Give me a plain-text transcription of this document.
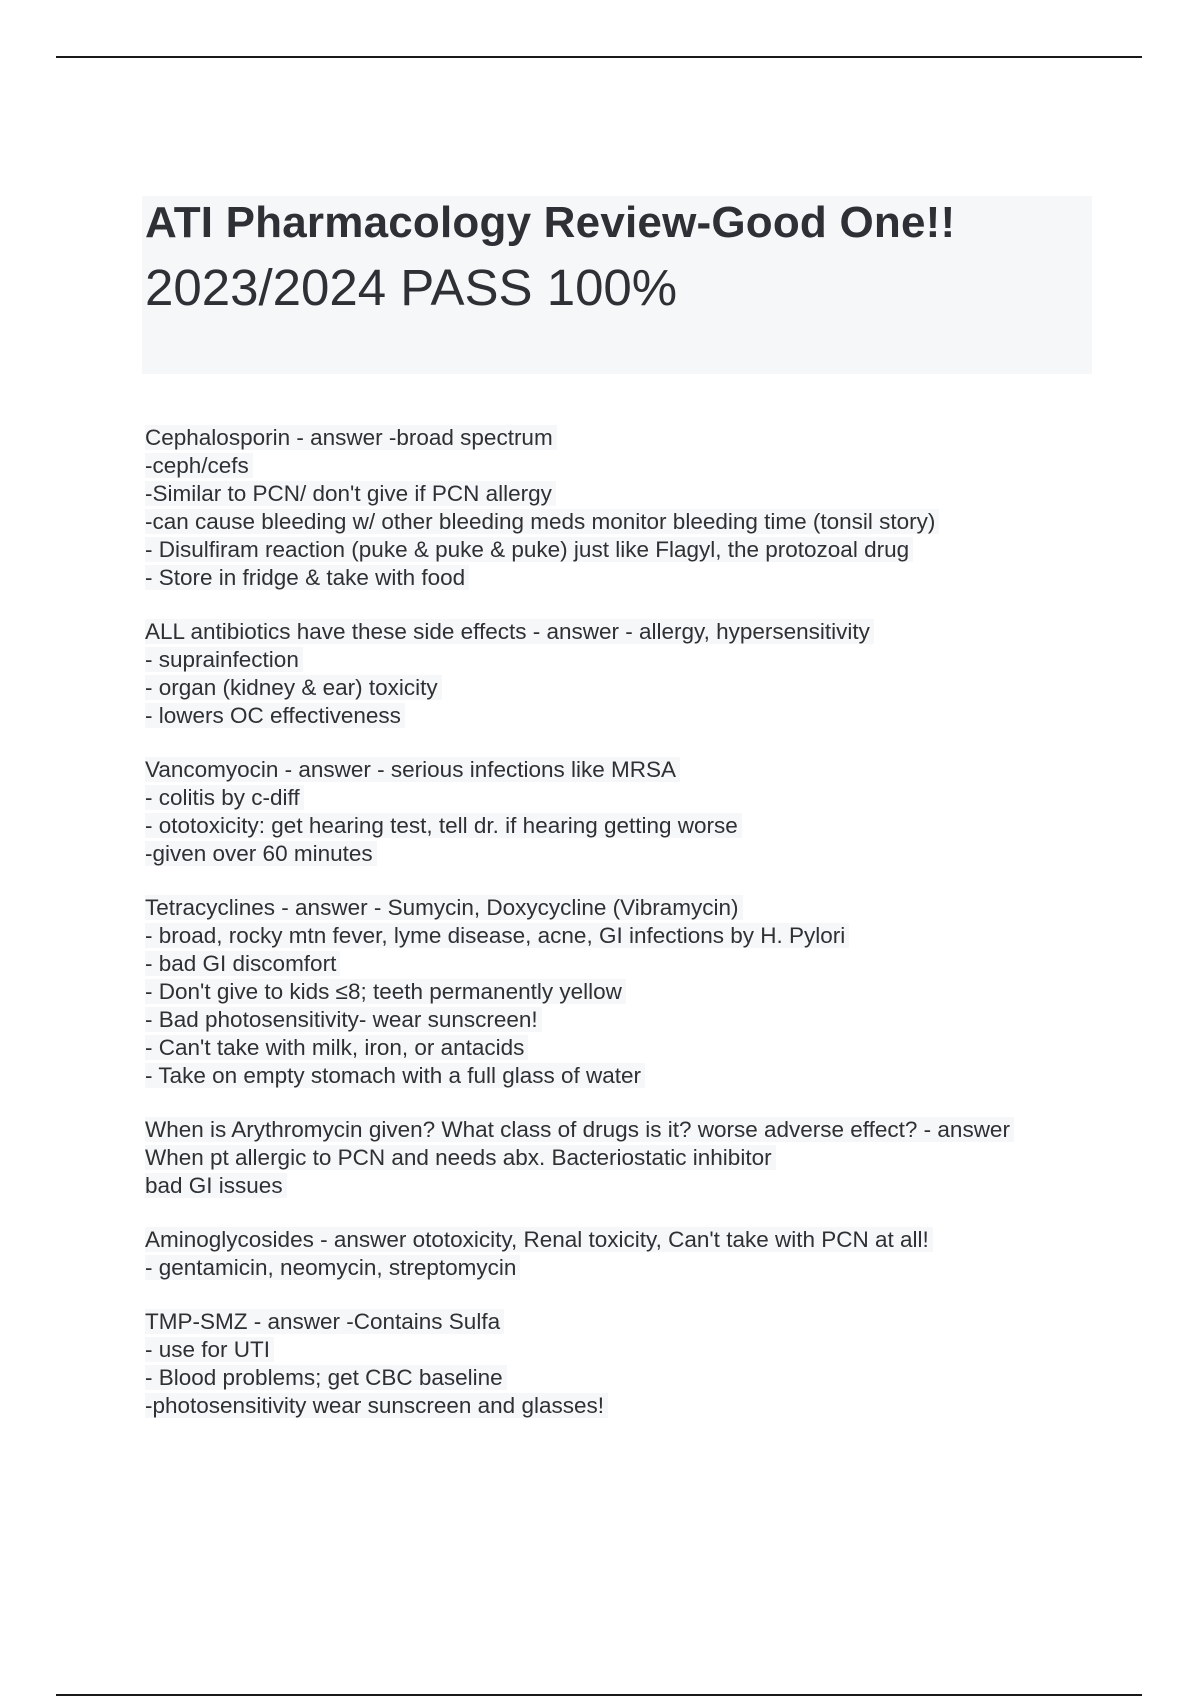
ATI Pharmacology Review-Good One!!
2023/2024 PASS 100%
Cephalosporin - answer -broad spectrum
-ceph/cefs
-Similar to PCN/ don't give if PCN allergy
-can cause bleeding w/ other bleeding meds monitor bleeding time (tonsil story)
- Disulfiram reaction (puke & puke & puke) just like Flagyl, the protozoal drug
- Store in fridge & take with food
ALL antibiotics have these side effects - answer - allergy, hypersensitivity
- suprainfection
- organ (kidney & ear) toxicity
- lowers OC effectiveness
Vancomyocin - answer - serious infections like MRSA
- colitis by c-diff
- ototoxicity: get hearing test, tell dr. if hearing getting worse
-given over 60 minutes
Tetracyclines - answer - Sumycin, Doxycycline (Vibramycin)
- broad, rocky mtn fever, lyme disease, acne, GI infections by H. Pylori
- bad GI discomfort
- Don't give to kids ≤8; teeth permanently yellow
- Bad photosensitivity- wear sunscreen!
- Can't take with milk, iron, or antacids
- Take on empty stomach with a full glass of water
When is Arythromycin given? What class of drugs is it? worse adverse effect? - answer
When pt allergic to PCN and needs abx. Bacteriostatic inhibitor
bad GI issues
Aminoglycosides - answer ototoxicity, Renal toxicity, Can't take with PCN at all!
- gentamicin, neomycin, streptomycin
TMP-SMZ - answer -Contains Sulfa
- use for UTI
- Blood problems; get CBC baseline
-photosensitivity wear sunscreen and glasses!
